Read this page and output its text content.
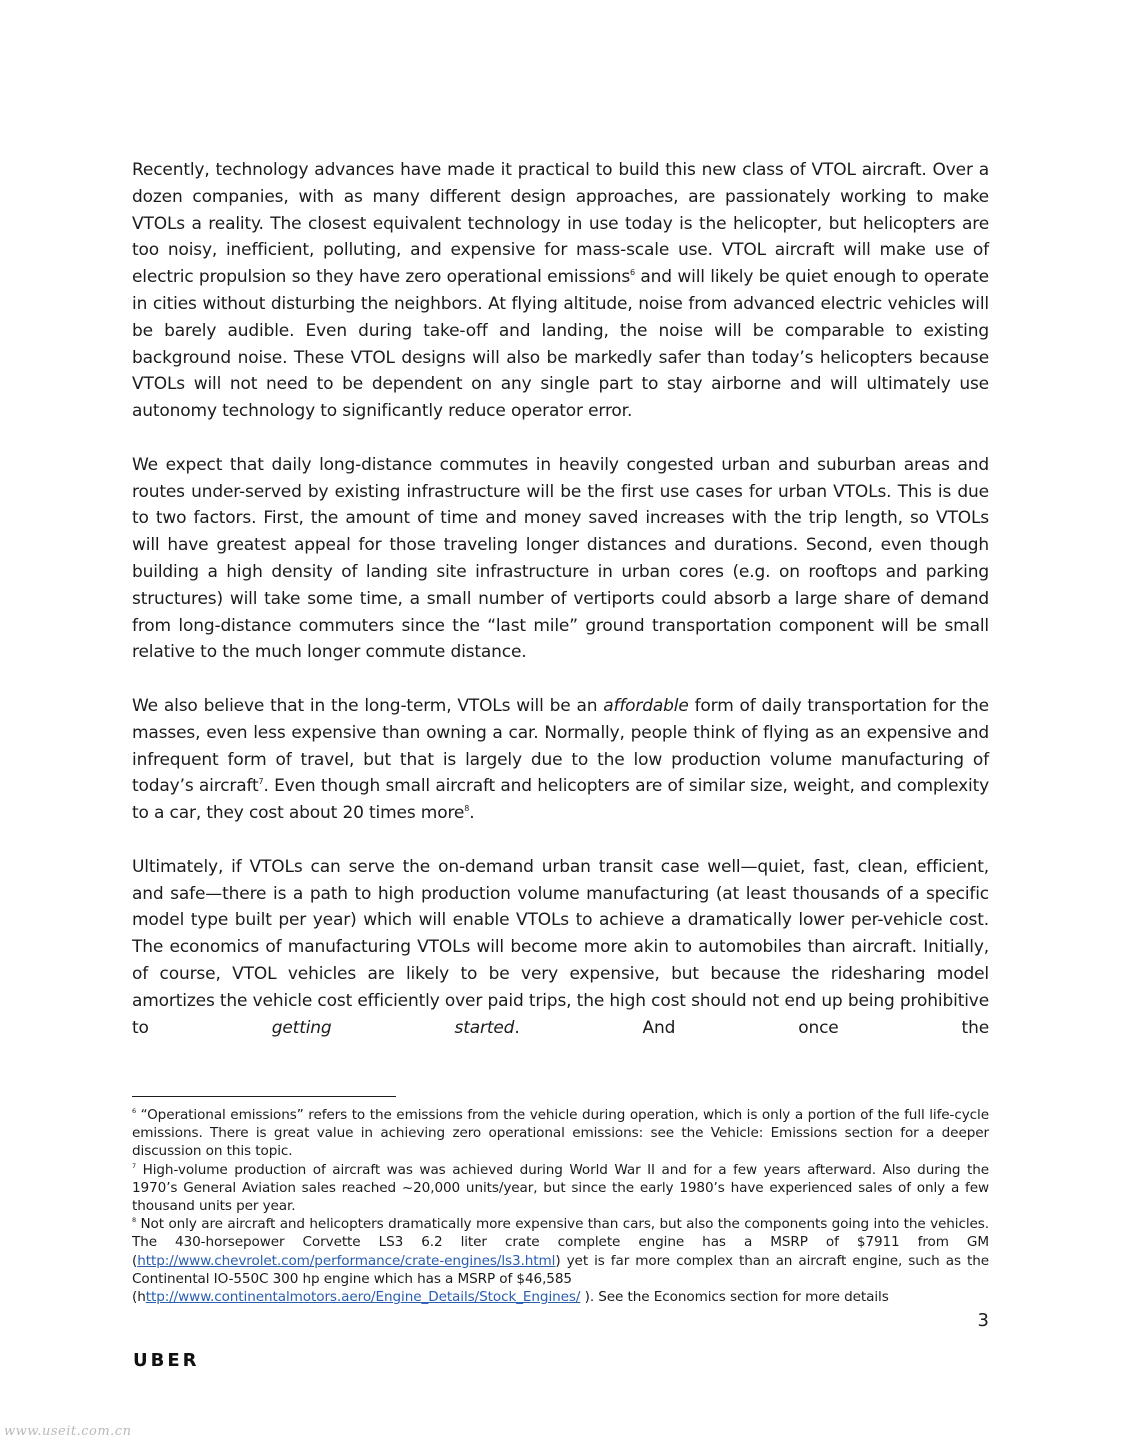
Recently, technology advances have made it practical to build this new class of VTOL aircraft. Over a dozen companies, with as many different design approaches, are passionately working to make VTOLs a reality. The closest equivalent technology in use today is the helicopter, but helicopters are too noisy, inefficient, polluting, and expensive for mass-scale use. VTOL aircraft will make use of electric propulsion so they have zero operational emissions$^6$ and will likely be quiet enough to operate in cities without disturbing the neighbors. At flying altitude, noise from advanced electric vehicles will be barely audible. Even during take-off and landing, the noise will be comparable to existing background noise. These VTOL designs will also be markedly safer than today’s helicopters because VTOLs will not need to be dependent on any single part to stay airborne and will ultimately use autonomy technology to significantly reduce operator error.

We expect that daily long-distance commutes in heavily congested urban and suburban areas and routes under-served by existing infrastructure will be the first use cases for urban VTOLs. This is due to two factors. First, the amount of time and money saved increases with the trip length, so VTOLs will have greatest appeal for those traveling longer distances and durations. Second, even though building a high density of landing site infrastructure in urban cores (e.g. on rooftops and parking structures) will take some time, a small number of vertiports could absorb a large share of demand from long-distance commuters since the “last mile” ground transportation component will be small relative to the much longer commute distance.

We also believe that in the long-term, VTOLs will be an affordable form of daily transportation for the masses, even less expensive than owning a car. Normally, people think of flying as an expensive and infrequent form of travel, but that is largely due to the low production volume manufacturing of today’s aircraft$^7$. Even though small aircraft and helicopters are of similar size, weight, and complexity to a car, they cost about 20 times more$^8$.

Ultimately, if VTOLs can serve the on-demand urban transit case well—quiet, fast, clean, efficient, and safe—there is a path to high production volume manufacturing (at least thousands of a specific model type built per year) which will enable VTOLs to achieve a dramatically lower per-vehicle cost. The economics of manufacturing VTOLs will become more akin to automobiles than aircraft. Initially, of course, VTOL vehicles are likely to be very expensive, but because the ridesharing model amortizes the vehicle cost efficiently over paid trips, the high cost should not end up being prohibitive to getting started. And once the

$^6$ “Operational emissions” refers to the emissions from the vehicle during operation, which is only a portion of the full life-cycle emissions. There is great value in achieving zero operational emissions: see the Vehicle: Emissions section for a deeper discussion on this topic.
$^7$ High-volume production of aircraft was was achieved during World War II and for a few years afterward. Also during the 1970’s General Aviation sales reached ~20,000 units/year, but since the early 1980’s have experienced sales of only a few thousand units per year.
$^8$ Not only are aircraft and helicopters dramatically more expensive than cars, but also the components going into the vehicles. The 430-horsepower Corvette LS3 6.2 liter crate complete engine has a MSRP of $7911 from GM (http://www.chevrolet.com/performance/crate-engines/ls3.html) yet is far more complex than an aircraft engine, such as the Continental IO-550C 300 hp engine which has a MSRP of $46,585
(http://www.continentalmotors.aero/Engine_Details/Stock_Engines/ ). See the Economics section for more details
3
UBER
www.useit.com.cn
